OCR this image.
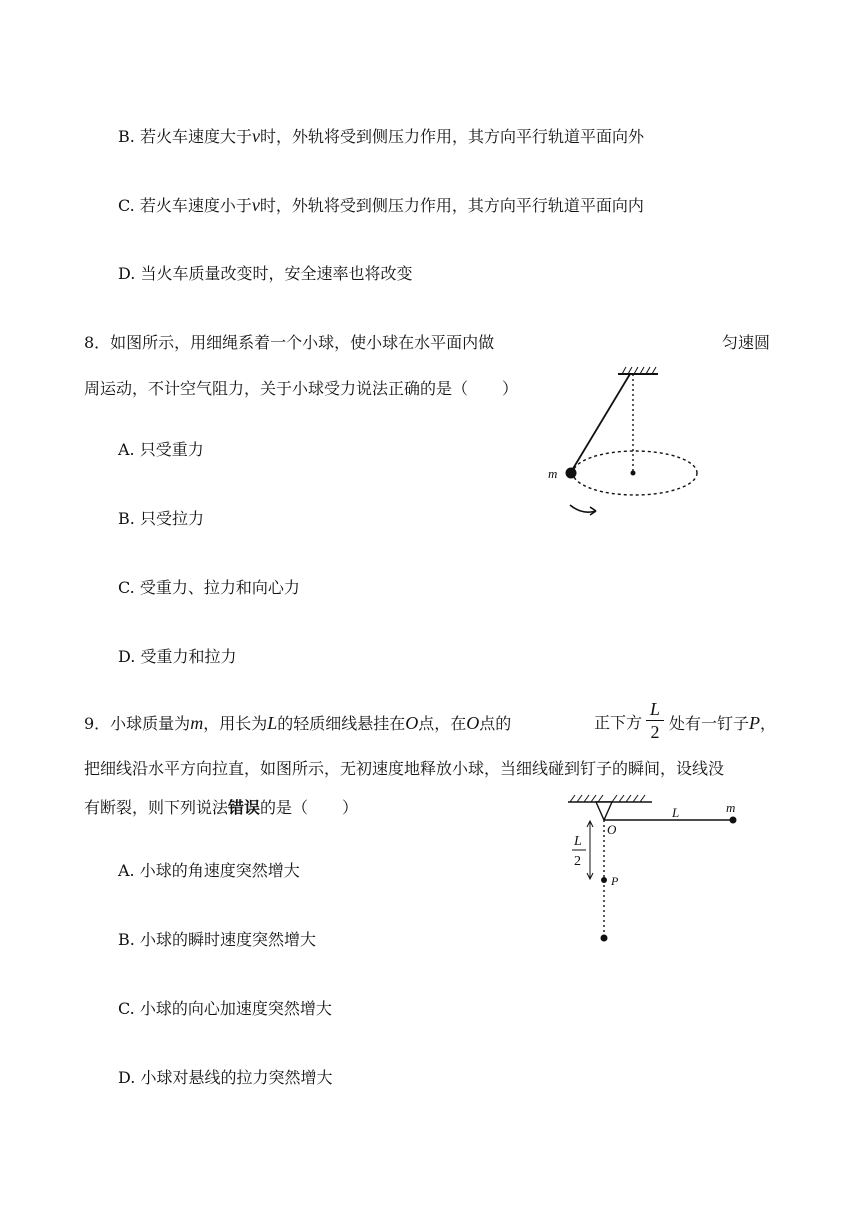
B. 若火车速度大于v时，外轨将受到侧压力作用，其方向平行轨道平面向外
C. 若火车速度小于v时，外轨将受到侧压力作用，其方向平行轨道平面向内
D. 当火车质量改变时，安全速率也将改变
8．如图所示，用细绳系着一个小球，使小球在水平面内做	匀速圆
周运动，不计空气阻力，关于小球受力说法正确的是（ ）
A. 只受重力
B. 只受拉力
C. 受重力、拉力和向心力
D. 受重力和拉力
m
9．小球质量为m，用长为L的轻质细线悬挂在O点，在O点的	正下方
L
2 处有一钉子P，
把细线沿水平方向拉直，如图所示，无初速度地释放小球，当细线碰到钉子的瞬间，设线没
有断裂，则下列说法错误的是（ ）
A. 小球的角速度突然增大
B. 小球的瞬时速度突然增大
C. 小球的向心加速度突然增大
D. 小球对悬线的拉力突然增大
L
2
O
L	m
P
